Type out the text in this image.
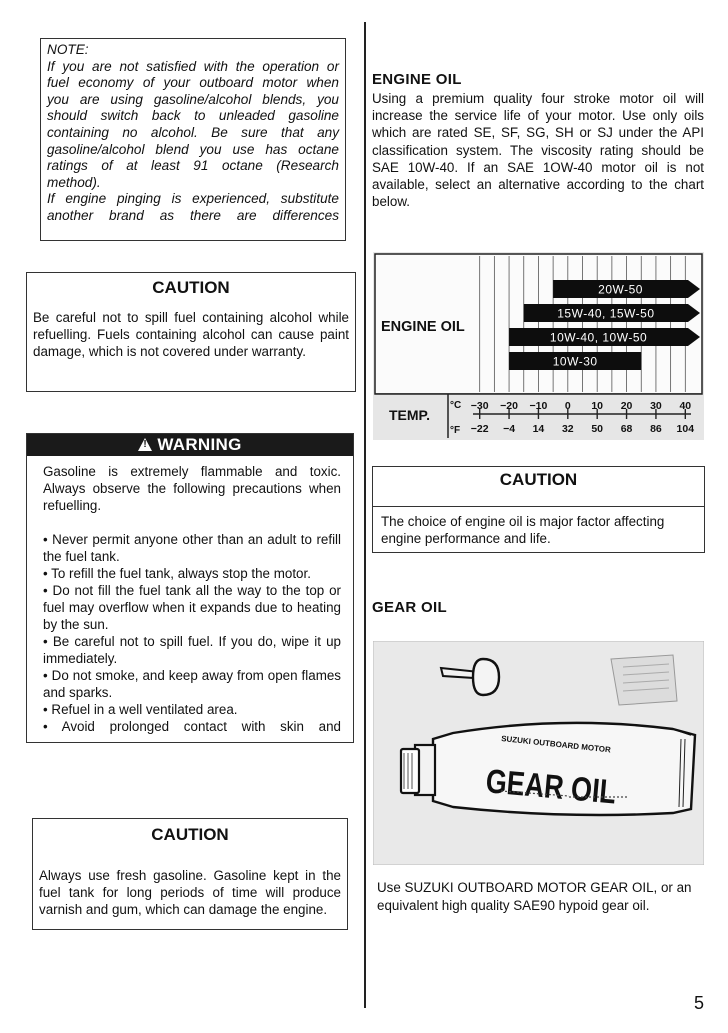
NOTE:

If you are not satisfied with the operation or

fuel economy of your outboard motor when

you are using gasoline/alcohol blends, you

should switch back to unleaded gasoline

containing no alcohol. Be sure that any

gasoline/alcohol blend you use has octane

ratings of at least 91 octane (Research

method).

If engine pinging is experienced, substitute

another brand as there are differences

CAUTION
Be careful not to spill fuel containing alcohol while refuelling. Fuels containing alcohol can cause paint damage, which is not covered under warranty.
!WARNING

Gasoline is extremely flammable and toxic. Always observe the following precautions when refuelling.

• Never permit anyone other than an adult to refill the fuel tank.
• To refill the fuel tank, always stop the motor.
• Do not fill the fuel tank all the way to the top or fuel may overflow when it expands due to heating by the sun.
• Be careful not to spill fuel. If you do, wipe it up immediately.
• Do not smoke, and keep away from open flames and sparks.
• Refuel in a well ventilated area.
• Avoid prolonged contact with skin and
CAUTION
Always use fresh gasoline. Gasoline kept in the fuel tank for long periods of time will produce varnish and gum, which can damage the engine.
ENGINE OIL
Using a premium quality four stroke motor oil will increase the service life of your motor. Use only oils which are rated SE, SF, SG, SH or SJ under the API classification system. The viscosity rating should be SAE 10W-40. If an SAE 1OW-40 motor oil is not available, select an alternative according to the chart below.
ENGINE OIL
20W-50
15W-40, 15W-50
10W-40, 10W-50
10W-30
TEMP.
°C
°F
−30
−22
−20
−4
−10
14
0
32
10
50
20
68
30
86
40
104
CAUTION
The choice of engine oil is major factor affecting engine performance and life.
GEAR OIL
SUZUKI OUTBOARD MOTOR
GEAR OIL
Use SUZUKI OUTBOARD MOTOR GEAR OIL, or an equivalent high quality SAE90 hypoid gear oil.
5
